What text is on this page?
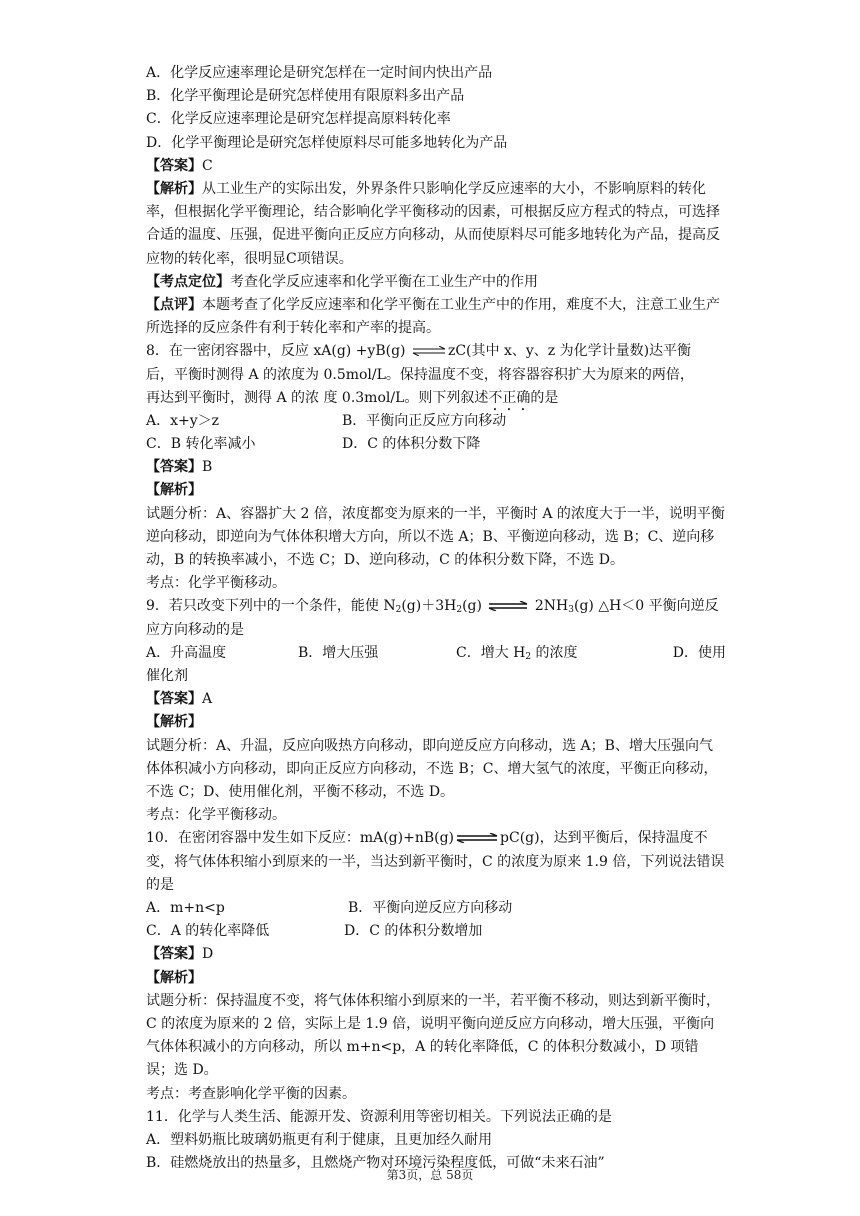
A．化学反应速率理论是研究怎样在一定时间内快出产品
B．化学平衡理论是研究怎样使用有限原料多出产品
C．化学反应速率理论是研究怎样提高原料转化率
D．化学平衡理论是研究怎样使原料尽可能多地转化为产品
【答案】C
【解析】从工业生产的实际出发，外界条件只影响化学反应速率的大小，不影响原料的转化率，但根据化学平衡理论，结合影响化学平衡移动的因素，可根据反应方程式的特点，可选择合适的温度、压强，促进平衡向正反应方向移动，从而使原料尽可能多地转化为产品，提高反应物的转化率，很明显C项错误。
【考点定位】考查化学反应速率和化学平衡在工业生产中的作用
【点评】本题考查了化学反应速率和化学平衡在工业生产中的作用，难度不大，注意工业生产所选择的反应条件有利于转化率和产率的提高。
8．在一密闭容器中，反应 xA(g) +yB(g) ⇌ zC(其中 x、y、z 为化学计量数)达平衡
后，平衡时测得 A 的浓度为 0.5mol/L。保持温度不变，将容器容积扩大为原来的两倍，
再达到平衡时，测得 A 的浓 度 0.3mol/L。则下列叙述不正确的是
A．x+y＞z	B．平衡向正反应方向移动
C．B 转化率减小	D．C 的体积分数下降
【答案】B
【解析】
试题分析：A、容器扩大 2 倍，浓度都变为原来的一半，平衡时 A 的浓度大于一半，说明平衡逆向移动，即逆向为气体体积增大方向，所以不选 A；B、平衡逆向移动，选 B；C、逆向移动，B 的转换率减小，不选 C；D、逆向移动，C 的体积分数下降，不选 D。
考点：化学平衡移动。
9．若只改变下列中的一个条件，能使 $N_2(g)+3H_2(g)$ ⇌ $2NH_3(g)$ △H＜0 平衡向逆反
应方向移动的是
A．升高温度	B．增大压强	C．增大 $H_2$ 的浓度	D．使用
催化剂
【答案】A
【解析】
试题分析：A、升温，反应向吸热方向移动，即向逆反应方向移动，选 A；B、增大压强向气体体积减小方向移动，即向正反应方向移动，不选 B；C、增大氢气的浓度，平衡正向移动，不选 C；D、使用催化剂，平衡不移动，不选 D。
考点：化学平衡移动。
10．在密闭容器中发生如下反应：mA(g)+nB(g) ⇌ pC(g)，达到平衡后，保持温度不
变，将气体体积缩小到原来的一半，当达到新平衡时，C 的浓度为原来 1.9 倍，下列说法错误的是
A．m+n<p	B．平衡向逆反应方向移动
C．A 的转化率降低	D．C 的体积分数增加
【答案】D
【解析】
试题分析：保持温度不变，将气体体积缩小到原来的一半，若平衡不移动，则达到新平衡时，C 的浓度为原来的 2 倍，实际上是 1.9 倍，说明平衡向逆反应方向移动，增大压强，平衡向气体体积减小的方向移动，所以 m+n<p，A 的转化率降低，C 的体积分数减小，D 项错误；选 D。
考点：考查影响化学平衡的因素。
11．化学与人类生活、能源开发、资源利用等密切相关。下列说法正确的是
A．塑料奶瓶比玻璃奶瓶更有利于健康，且更加经久耐用
B．硅燃烧放出的热量多，且燃烧产物对环境污染程度低，可做“未来石油”
第3页，总 58页
